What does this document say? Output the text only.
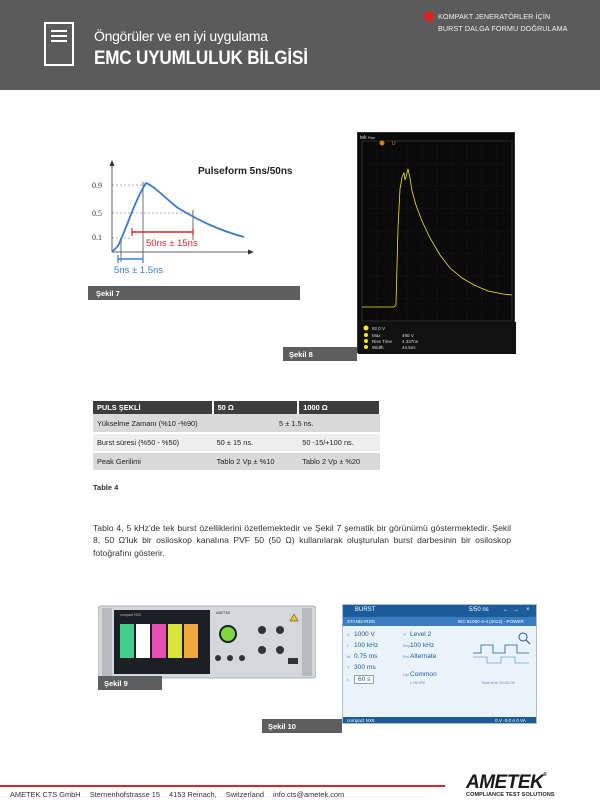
Öngörüler ve en iyi uygulama
EMC UYUMLULUK BİLGİSİ
KOMPAKT JENERATÖRLER İÇİN
BURST DALGA FORMU DOĞRULAMA
Pulseform 5ns/50ns
0.9
0.5
0.1
50ns ± 15ns
5ns ± 1.5ns
Şekil 7
tek Run
U
92.0 V
Max	490 V
Rise Time 4.337ns
Width	44.5ns
Şekil 8
PULS ŞEKLİ	50 Ω	1000 Ω
Yükselme Zamanı (%10 -%90)	5 ± 1.5 ns.	
Burst süresi (%50 - %50)	50 ± 15 ns.	50 -15/+100 ns.
Peak Gerilimi	Tablo 2 Vp ± %10	Tablo 2 Vp ± %20
Table 4

Tablo 4, 5 kHz'de tek burst özelliklerini özetlemektedir ve Şekil 7 şematik bir görünümü göstermektedir. Şekil 8, 50 Ω'luk bir osiloskop kanalına PVF 50 (50 Ω) kullanılarak oluşturulan burst darbesinin bir osiloskop fotoğrafını gösterir.

compact NX5	AMETEK
Şekil 9
BURST	5/50 ns ← → ×
STANDARDS	IEC 61000-4-4 (2012) - POWER
V 1000 V
f 100 kHz
td 0.75 ms
T 300 ms
t 60 s
⊙ Level 2
Rep100 kHz
PolAlternate
CplCommon
L+N+PE	Total time 00:02:00
compact NX5	0 V -0.0 A 0 VA
Şekil 10
AMETEK CTS GmbH Sternenhofstrasse 15 4153 Reinach, Switzerland info.cts@ametek.com
AMETEK®
COMPLIANCE TEST SOLUTIONS
